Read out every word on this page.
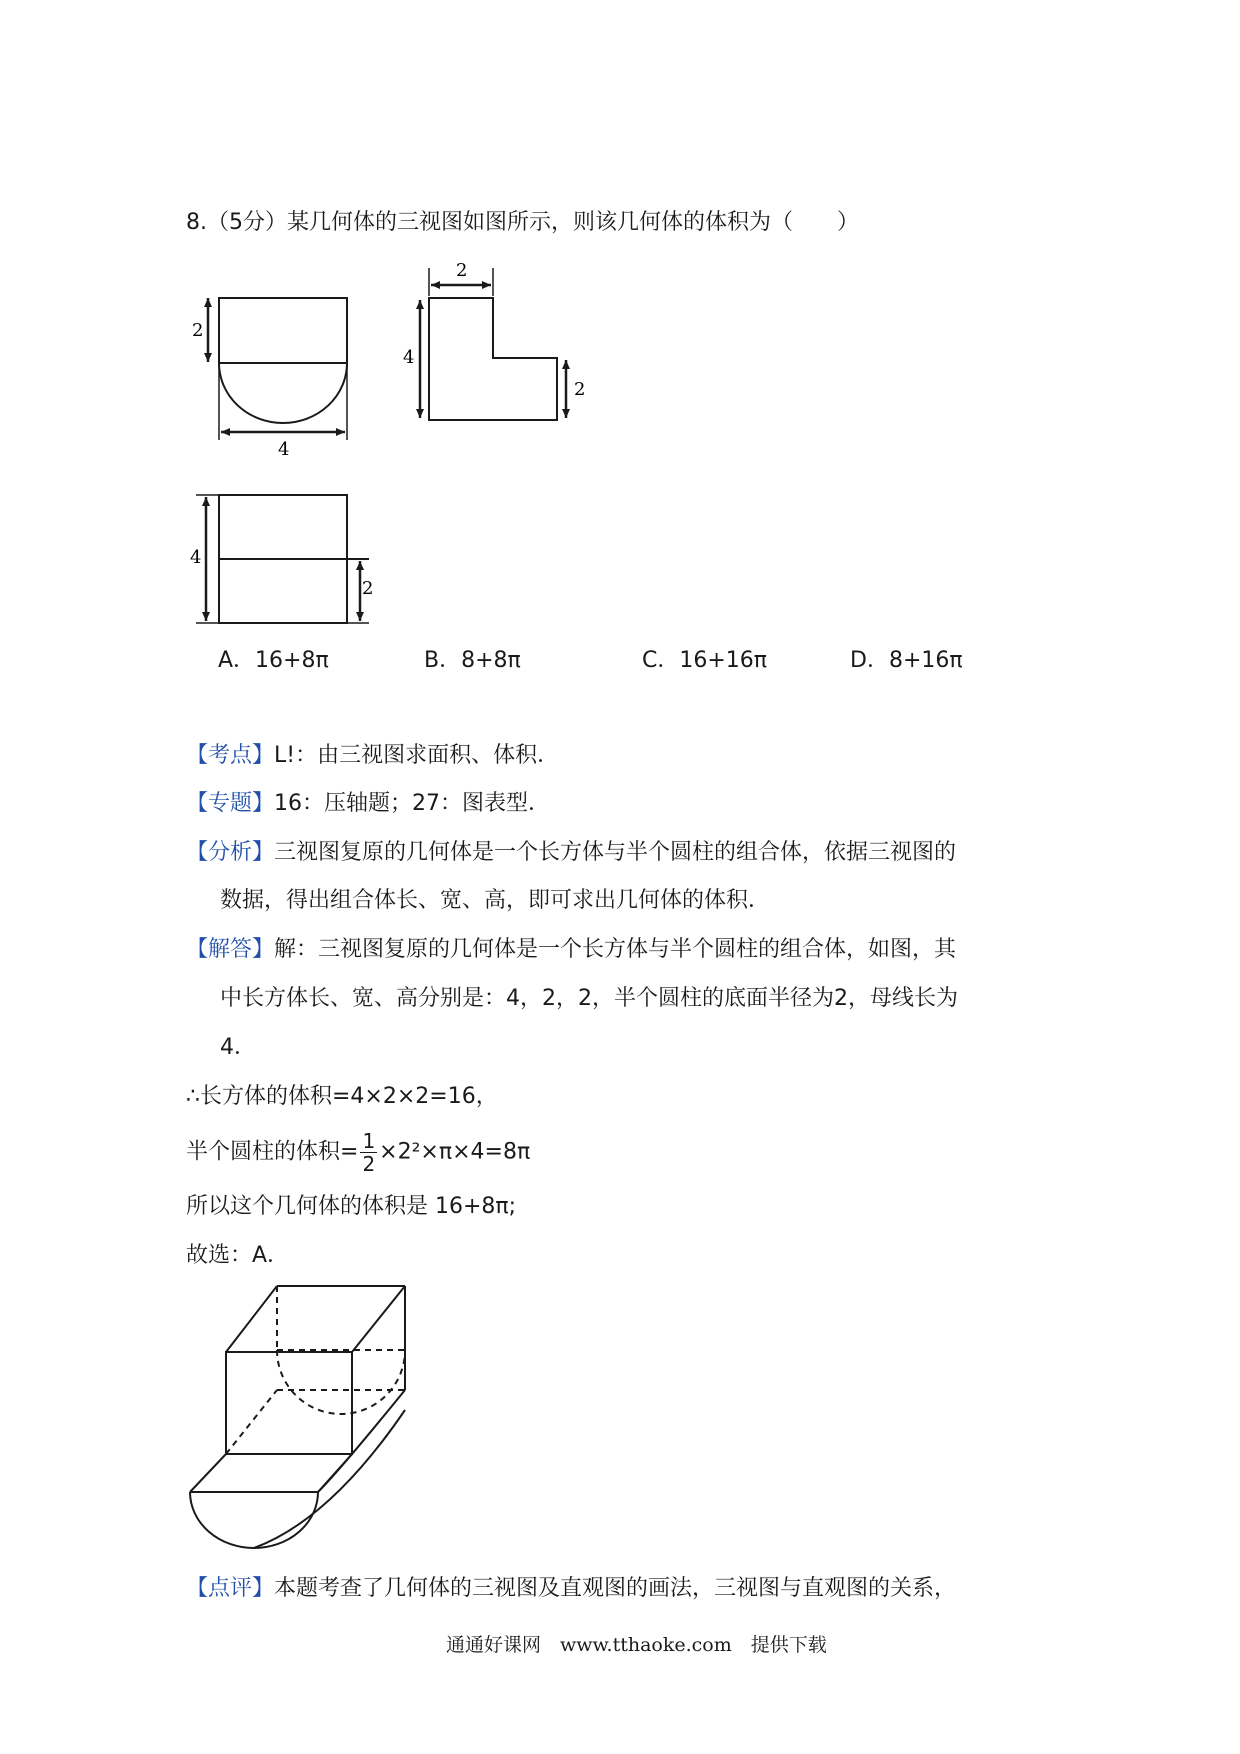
8.（5分）某几何体的三视图如图所示，则该几何体的体积为（　　）
2
4
2
4
2
4
2
A．16+8π	B．8+8π	C．16+16π	D．8+16π
【考点】L!：由三视图求面积、体积．
【专题】16：压轴题；27：图表型．
【分析】三视图复原的几何体是一个长方体与半个圆柱的组合体，依据三视图的
数据，得出组合体长、宽、高，即可求出几何体的体积．
【解答】解：三视图复原的几何体是一个长方体与半个圆柱的组合体，如图，其
中长方体长、宽、高分别是：4，2，2，半个圆柱的底面半径为2，母线长为
4．
∴长方体的体积=4×2×2=16，
半个圆柱的体积= $\frac{1}{2} \times 2^2\times\pi\times 4=8\pi$
所以这个几何体的体积是 16+8π;
故选：A．
【点评】本题考查了几何体的三视图及直观图的画法，三视图与直观图的关系，
通通好课网　www.tthaoke.com　提供下载
